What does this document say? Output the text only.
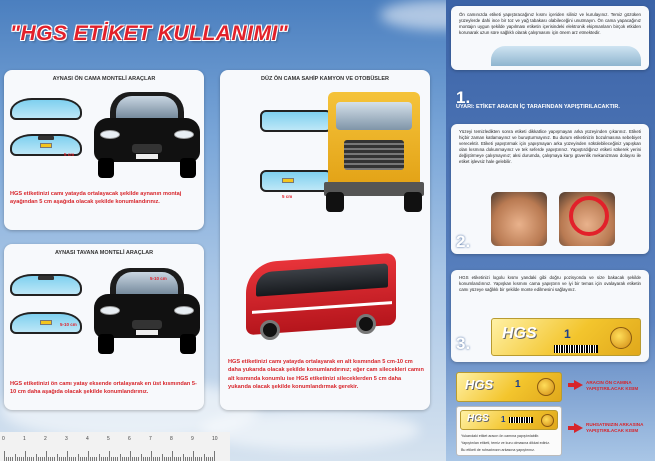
"HGS ETİKET KULLANIMI"
AYNASI ÖN CAMA MONTELİ ARAÇLAR
5 cm
HGS etiketinizi camı yatayda ortalayacak şekilde aynanın montaj ayağından 5 cm aşağıda olacak şekilde konumlandırınız.
DÜZ ÖN CAMA SAHİP KAMYON VE OTOBÜSLER
5 cm
HGS etiketinizi camı yatayda ortalayarak en alt kısmından 5 cm-10 cm daha yukarıda olacak şekilde konumlandırınız; eğer cam silecekleri camın alt kısmında konumlu ise HGS etiketinizi sileceklerden 5 cm daha yukarıda olacak şekilde konumlandırmak gerekir.
AYNASI TAVANA MONTELİ ARAÇLAR
5-10 cm
5-10 cm
HGS etiketinizi ön camı yatay eksende ortalayarak en üst kısmından 5-10 cm daha aşağıda olacak şekilde konumlandırınız.
Ön camınızda etiketi yapıştıracağınız kısmı içeriden siliniz ve kurulayınız. Temiz gözüken yüzeylerde dahi ince bir toz ve yağ tabakası olabileceğini unutmayın. Ön cama yapacağınız montajın uygun şekilde yapılması etiketin içerisindeki elektronik ekipmanların birçok etkiden korunarak uzun süre sağlıklı olarak çalışmasını için önem arz etmektedir.
1.
UYARI: ETİKET ARACIN İÇ TARAFINDAN YAPIŞTIRILACAKTIR.
Yüzeyi temizledikten sonra etiketi dikkatlice yapışmayan arka yüzeyinden çıkarınız. Etiketi hiçbir zaman katlamayınız ve buruşturmayınız. Bu durum etiketinizin bozulmasına sebebiyet verecektir. Etiketi yapıştırmak için yapışmayan arka yüzeyinden sökülebileceğiniz yapışkan olan kısmına dokunmayınız ve tek seferde yapıştırınız. Yapıştırdığınız etiketi sökerek yerini değiştirmeye çalışmayınız; aksi durumda, çalışmaya karşı güvenlik mekanizması dolayısı ile etiket işlevsiz hale gelebilir.
2.
HGS etiketinizi logolu kısmı yandaki gibi doğru pozisyonda ve size bakacak şekilde konumlandırınız. Yapışkan kısmını cama yapıştırın ve iyi bir temas için ovalayarak etiketin camı yüzeye sağlıklı bir şekilde monte edilmesini sağlayınız.
HGS 1
3.
HGS 1	ARACIN ÖN CAMINA YAPIŞTIRILACAK KISIM
HGS 1
Yukarıdaki etiket aracın ön camına yapıştırılabilir.
Yapıştırılan etiketi, temiz ve kuru olmasına dikkat ediniz.
Bu etiketi de ruhsatınızın arkasına yapıştırınız.
RUHSATINIZIN ARKASINA YAPIŞTIRILACAK KISIM
0	1	2	3	4	5	6	7	8	9	10
